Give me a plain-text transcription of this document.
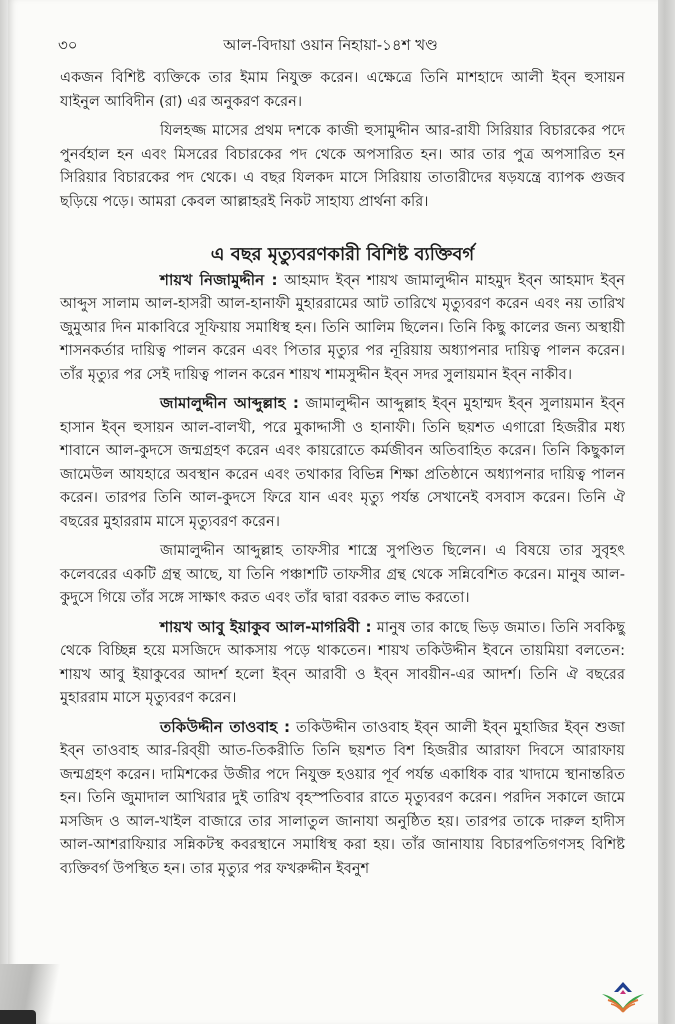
৩০	আল-বিদায়া ওয়ান নিহায়া-১৪শ খণ্ড

একজন বিশিষ্ট ব্যক্তিকে তার ইমাম নিযুক্ত করেন। এক্ষেত্রে তিনি মাশহাদে আলী ইব্ন হুসায়ন যাইনুল আবিদীন (রা) এর অনুকরণ করেন।

যিলহজ্জ মাসের প্রথম দশকে কাজী হুসামুদ্দীন আর-রাযী সিরিয়ার বিচারকের পদে পুনর্বহাল হন এবং মিসরের বিচারকের পদ থেকে অপসারিত হন। আর তার পুত্র অপসারিত হন সিরিয়ার বিচারকের পদ থেকে। এ বছর যিলকদ মাসে সিরিয়ায় তাতারীদের ষড়যন্ত্রে ব্যাপক গুজব ছড়িয়ে পড়ে। আমরা কেবল আল্লাহরই নিকট সাহায্য প্রার্থনা করি।

এ বছর মৃত্যুবরণকারী বিশিষ্ট ব্যক্তিবর্গ

শায়খ নিজামুদ্দীন : আহমাদ ইব্ন শায়খ জামালুদ্দীন মাহমুদ ইব্ন আহমাদ ইব্ন আব্দুস সালাম আল-হাসরী আল-হানাফী মুহাররামের আট তারিখে মৃত্যুবরণ করেন এবং নয় তারিখ জুমুআর দিন মাকাবিরে সূফিয়ায় সমাধিস্থ হন। তিনি আলিম ছিলেন। তিনি কিছু কালের জন্য অস্থায়ী শাসনকর্তার দায়িত্ব পালন করেন এবং পিতার মৃত্যুর পর নূরিয়ায় অধ্যাপনার দায়িত্ব পালন করেন। তাঁর মৃত্যুর পর সেই দায়িত্ব পালন করেন শায়খ শামসুদ্দীন ইব্ন সদর সুলায়মান ইব্ন নাকীব।

জামালুদ্দীন আব্দুল্লাহ : জামালুদ্দীন আব্দুল্লাহ ইব্ন মুহাম্মদ ইব্ন সুলায়মান ইব্ন হাসান ইব্ন হুসায়ন আল-বালখী, পরে মুকাদ্দাসী ও হানাফী। তিনি ছয়শত এগারো হিজরীর মধ্য শাবানে আল-কুদসে জন্মগ্রহণ করেন এবং কায়রোতে কর্মজীবন অতিবাহিত করেন। তিনি কিছুকাল জামেউল আযহারে অবস্থান করেন এবং তথাকার বিভিন্ন শিক্ষা প্রতিষ্ঠানে অধ্যাপনার দায়িত্ব পালন করেন। তারপর তিনি আল-কুদসে ফিরে যান এবং মৃত্যু পর্যন্ত সেখানেই বসবাস করেন। তিনি ঐ বছরের মুহাররাম মাসে মৃত্যুবরণ করেন।

জামালুদ্দীন আব্দুল্লাহ তাফসীর শাস্ত্রে সুপণ্ডিত ছিলেন। এ বিষয়ে তার সুবৃহৎ কলেবরের একটি গ্রন্থ আছে, যা তিনি পঞ্চাশটি তাফসীর গ্রন্থ থেকে সন্নিবেশিত করেন। মানুষ আল-কুদুসে গিয়ে তাঁর সঙ্গে সাক্ষাৎ করত এবং তাঁর দ্বারা বরকত লাভ করতো।

শায়খ আবু ইয়াকুব আল-মাগরিবী : মানুষ তার কাছে ভিড় জমাত। তিনি সবকিছু থেকে বিচ্ছিন্ন হয়ে মসজিদে আকসায় পড়ে থাকতেন। শায়খ তকিউদ্দীন ইবনে তায়মিয়া বলতেন: শায়খ আবু ইয়াকুবের আদর্শ হলো ইব্ন আরাবী ও ইব্ন সাবয়ীন-এর আদর্শ। তিনি ঐ বছরের মুহাররাম মাসে মৃত্যুবরণ করেন।

তকিউদ্দীন তাওবাহ : তকিউদ্দীন তাওবাহ ইব্ন আলী ইব্ন মুহাজির ইব্ন শুজা ইব্ন তাওবাহ আর-রিব্য়ী আত-তিকরীতি তিনি ছয়শত বিশ হিজরীর আরাফা দিবসে আরাফায় জন্মগ্রহণ করেন। দামিশকের উজীর পদে নিযুক্ত হওয়ার পূর্ব পর্যন্ত একাধিক বার খাদামে স্থানান্তরিত হন। তিনি জুমাদাল আখিরার দুই তারিখ বৃহস্পতিবার রাতে মৃত্যুবরণ করেন। পরদিন সকালে জামে মসজিদ ও আল-খাইল বাজারে তার সালাতুল জানাযা অনুষ্ঠিত হয়। তারপর তাকে দারুল হাদীস আল-আশরাফিয়ার সন্নিকটস্থ কবরস্থানে সমাধিস্থ করা হয়। তাঁর জানাযায় বিচারপতিগণসহ বিশিষ্ট ব্যক্তিবর্গ উপস্থিত হন। তার মৃত্যুর পর ফখরুদ্দীন ইবনুশ
